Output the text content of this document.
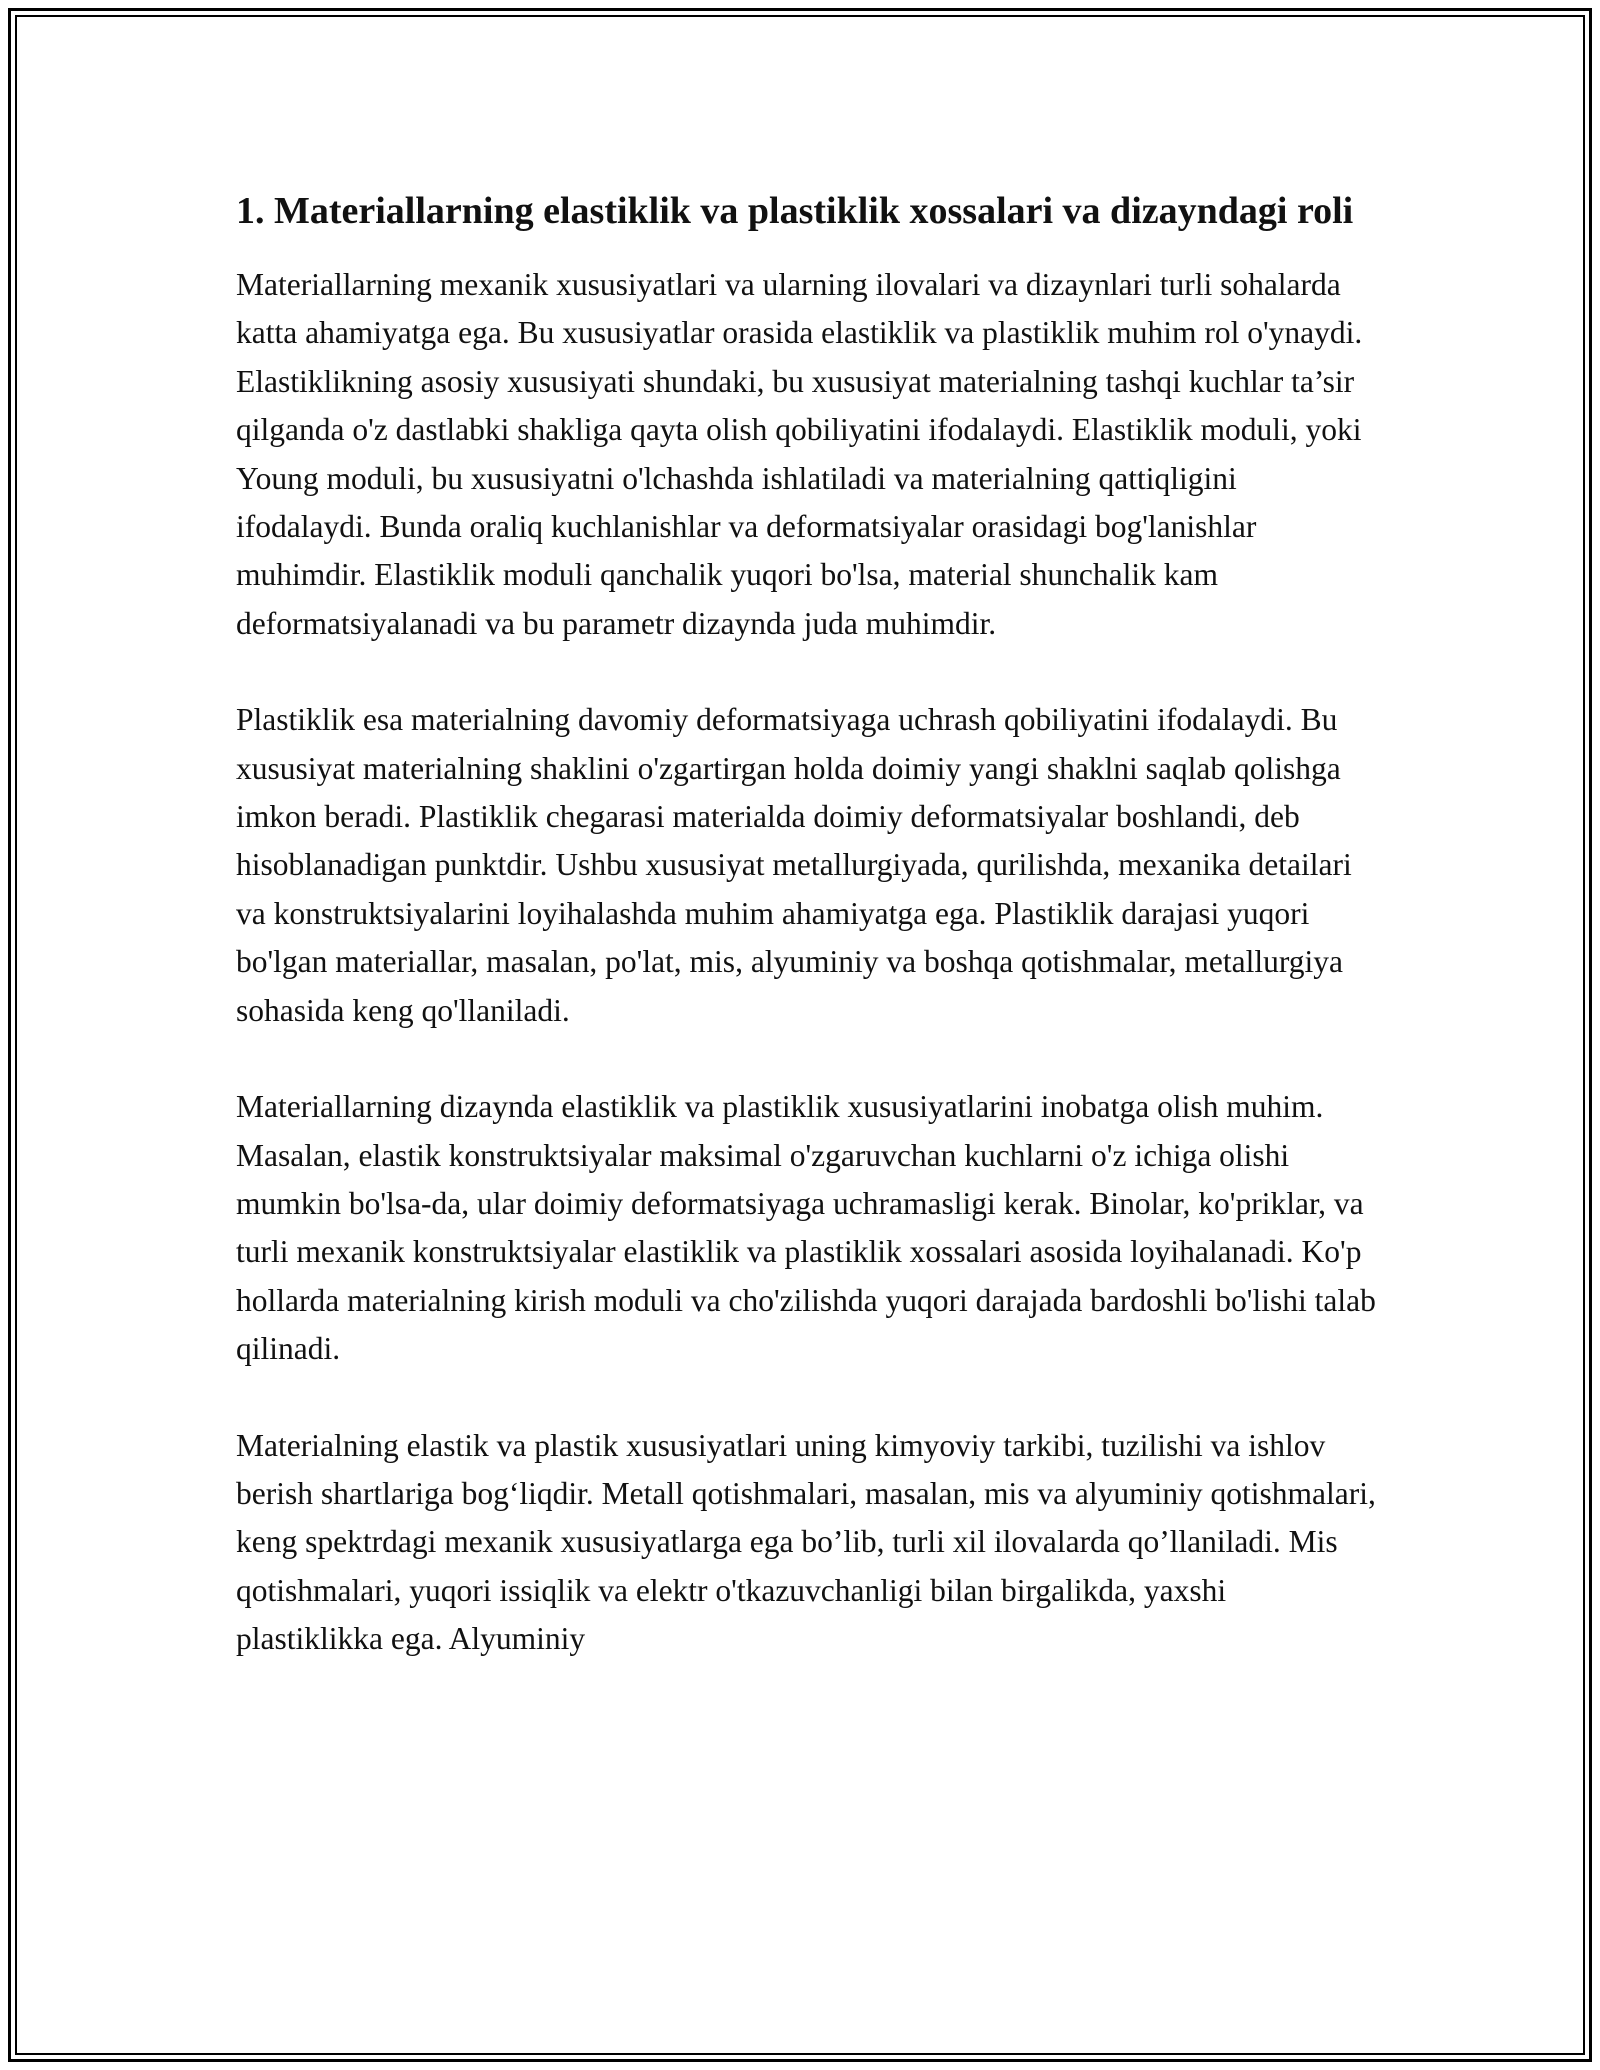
1. Materiallarning elastiklik va plastiklik xossalari va dizayndagi roli

Materiallarning mexanik xususiyatlari va ularning ilovalari va dizaynlari turli sohalarda katta ahamiyatga ega. Bu xususiyatlar orasida elastiklik va plastiklik muhim rol o'ynaydi. Elastiklikning asosiy xususiyati shundaki, bu xususiyat materialning tashqi kuchlar ta’sir qilganda o'z dastlabki shakliga qayta olish qobiliyatini ifodalaydi. Elastiklik moduli, yoki Young moduli, bu xususiyatni o'lchashda ishlatiladi va materialning qattiqligini ifodalaydi. Bunda oraliq kuchlanishlar va deformatsiyalar orasidagi bog'lanishlar muhimdir. Elastiklik moduli qanchalik yuqori bo'lsa, material shunchalik kam deformatsiyalanadi va bu parametr dizaynda juda muhimdir.

Plastiklik esa materialning davomiy deformatsiyaga uchrash qobiliyatini ifodalaydi. Bu xususiyat materialning shaklini o'zgartirgan holda doimiy yangi shaklni saqlab qolishga imkon beradi. Plastiklik chegarasi materialda doimiy deformatsiyalar boshlandi, deb hisoblanadigan punktdir. Ushbu xususiyat metallurgiyada, qurilishda, mexanika detailari va konstruktsiyalarini loyihalashda muhim ahamiyatga ega. Plastiklik darajasi yuqori bo'lgan materiallar, masalan, po'lat, mis, alyuminiy va boshqa qotishmalar, metallurgiya sohasida keng qo'llaniladi.

Materiallarning dizaynda elastiklik va plastiklik xususiyatlarini inobatga olish muhim. Masalan, elastik konstruktsiyalar maksimal o'zgaruvchan kuchlarni o'z ichiga olishi mumkin bo'lsa-da, ular doimiy deformatsiyaga uchramasligi kerak. Binolar, ko'priklar, va turli mexanik konstruktsiyalar elastiklik va plastiklik xossalari asosida loyihalanadi. Ko'p hollarda materialning kirish moduli va cho'zilishda yuqori darajada bardoshli bo'lishi talab qilinadi.

Materialning elastik va plastik xususiyatlari uning kimyoviy tarkibi, tuzilishi va ishlov berish shartlariga bog‘liqdir. Metall qotishmalari, masalan, mis va alyuminiy qotishmalari, keng spektrdagi mexanik xususiyatlarga ega bo’lib, turli xil ilovalarda qo’llaniladi. Mis qotishmalari, yuqori issiqlik va elektr o'tkazuvchanligi bilan birgalikda, yaxshi plastiklikka ega. Alyuminiy
